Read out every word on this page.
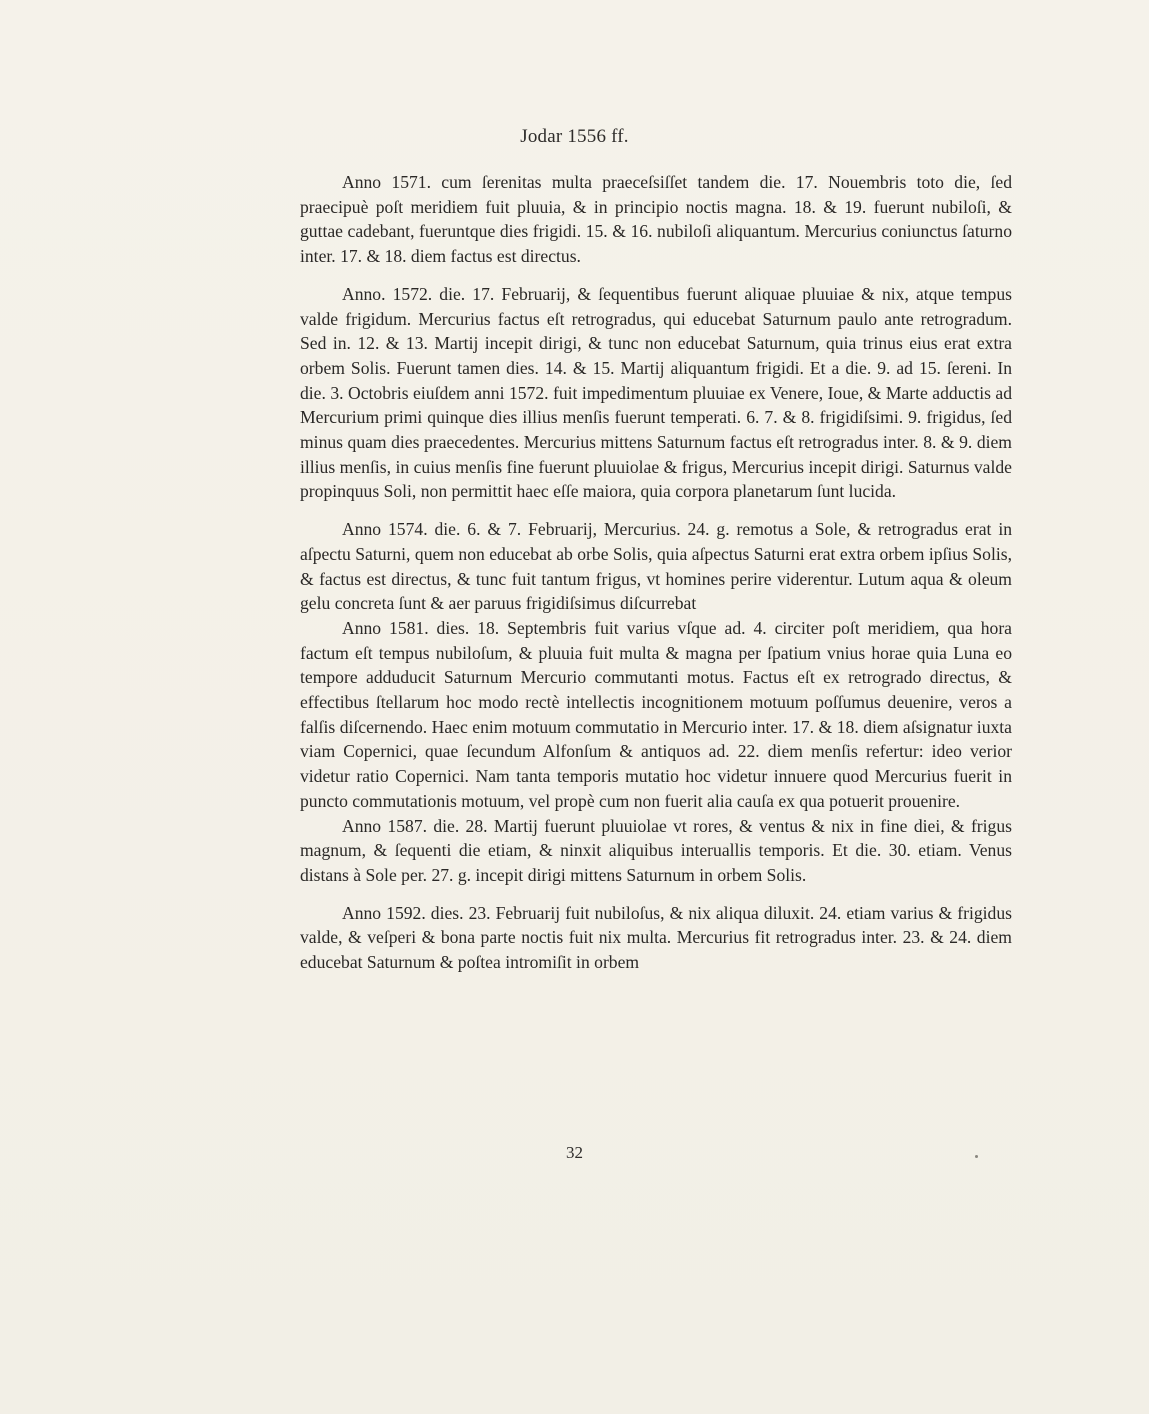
Jodar 1556 ff.

Anno 1571. cum ſerenitas multa praeceſsiſſet tandem die. 17. Nouembris toto die, ſed praecipuè poſt meridiem fuit pluuia, & in principio noctis magna. 18. & 19. fuerunt nubiloſi, & guttae cadebant, fueruntque dies frigidi. 15. & 16. nubiloſi aliquantum. Mercurius coniunctus ſaturno inter. 17. & 18. diem factus est directus.

Anno. 1572. die. 17. Februarij, & ſequentibus fuerunt aliquae pluuiae & nix, atque tempus valde frigidum. Mercurius factus eſt retrogradus, qui educebat Saturnum paulo ante retrogradum. Sed in. 12. & 13. Martij incepit dirigi, & tunc non educebat Saturnum, quia trinus eius erat extra orbem Solis. Fuerunt tamen dies. 14. & 15. Martij aliquantum frigidi. Et a die. 9. ad 15. ſereni. In die. 3. Octobris eiuſdem anni 1572. fuit impedimentum pluuiae ex Venere, Ioue, & Marte adductis ad Mercurium primi quinque dies illius menſis fuerunt temperati. 6. 7. & 8. frigidiſsimi. 9. frigidus, ſed minus quam dies praecedentes. Mercurius mittens Saturnum factus eſt retrogradus inter. 8. & 9. diem illius menſis, in cuius menſis fine fuerunt pluuiolae & frigus, Mercurius incepit dirigi. Saturnus valde propinquus Soli, non permittit haec eſſe maiora, quia corpora planetarum ſunt lucida.

Anno 1574. die. 6. & 7. Februarij, Mercurius. 24. g. remotus a Sole, & retrogradus erat in aſpectu Saturni, quem non educebat ab orbe Solis, quia aſpectus Saturni erat extra orbem ipſius Solis, & factus est directus, & tunc fuit tantum frigus, vt homines perire viderentur. Lutum aqua & oleum gelu concreta ſunt & aer paruus frigidiſsimus diſcurrebat

Anno 1581. dies. 18. Septembris fuit varius vſque ad. 4. circiter poſt meridiem, qua hora factum eſt tempus nubiloſum, & pluuia fuit multa & magna per ſpatium vnius horae quia Luna eo tempore adduducit Saturnum Mercurio commutanti motus. Factus eſt ex retrogrado directus, & effectibus ſtellarum hoc modo rectè intellectis incognitionem motuum poſſumus deuenire, veros a falſis diſcernendo. Haec enim motuum commutatio in Mercurio inter. 17. & 18. diem aſsignatur iuxta viam Copernici, quae ſecundum Alfonſum & antiquos ad. 22. diem menſis refertur: ideo verior videtur ratio Copernici. Nam tanta temporis mutatio hoc videtur innuere quod Mercurius fuerit in puncto commutationis motuum, vel propè cum non fuerit alia cauſa ex qua potuerit prouenire.

Anno 1587. die. 28. Martij fuerunt pluuiolae vt rores, & ventus & nix in fine diei, & frigus magnum, & ſequenti die etiam, & ninxit aliquibus interuallis temporis. Et die. 30. etiam. Venus distans à Sole per. 27. g. incepit dirigi mittens Saturnum in orbem Solis.

Anno 1592. dies. 23. Februarij fuit nubiloſus, & nix aliqua diluxit. 24. etiam varius & frigidus valde, & veſperi & bona parte noctis fuit nix multa. Mercurius fit retrogradus inter. 23. & 24. diem educebat Saturnum & poſtea intromiſit in orbem

32
